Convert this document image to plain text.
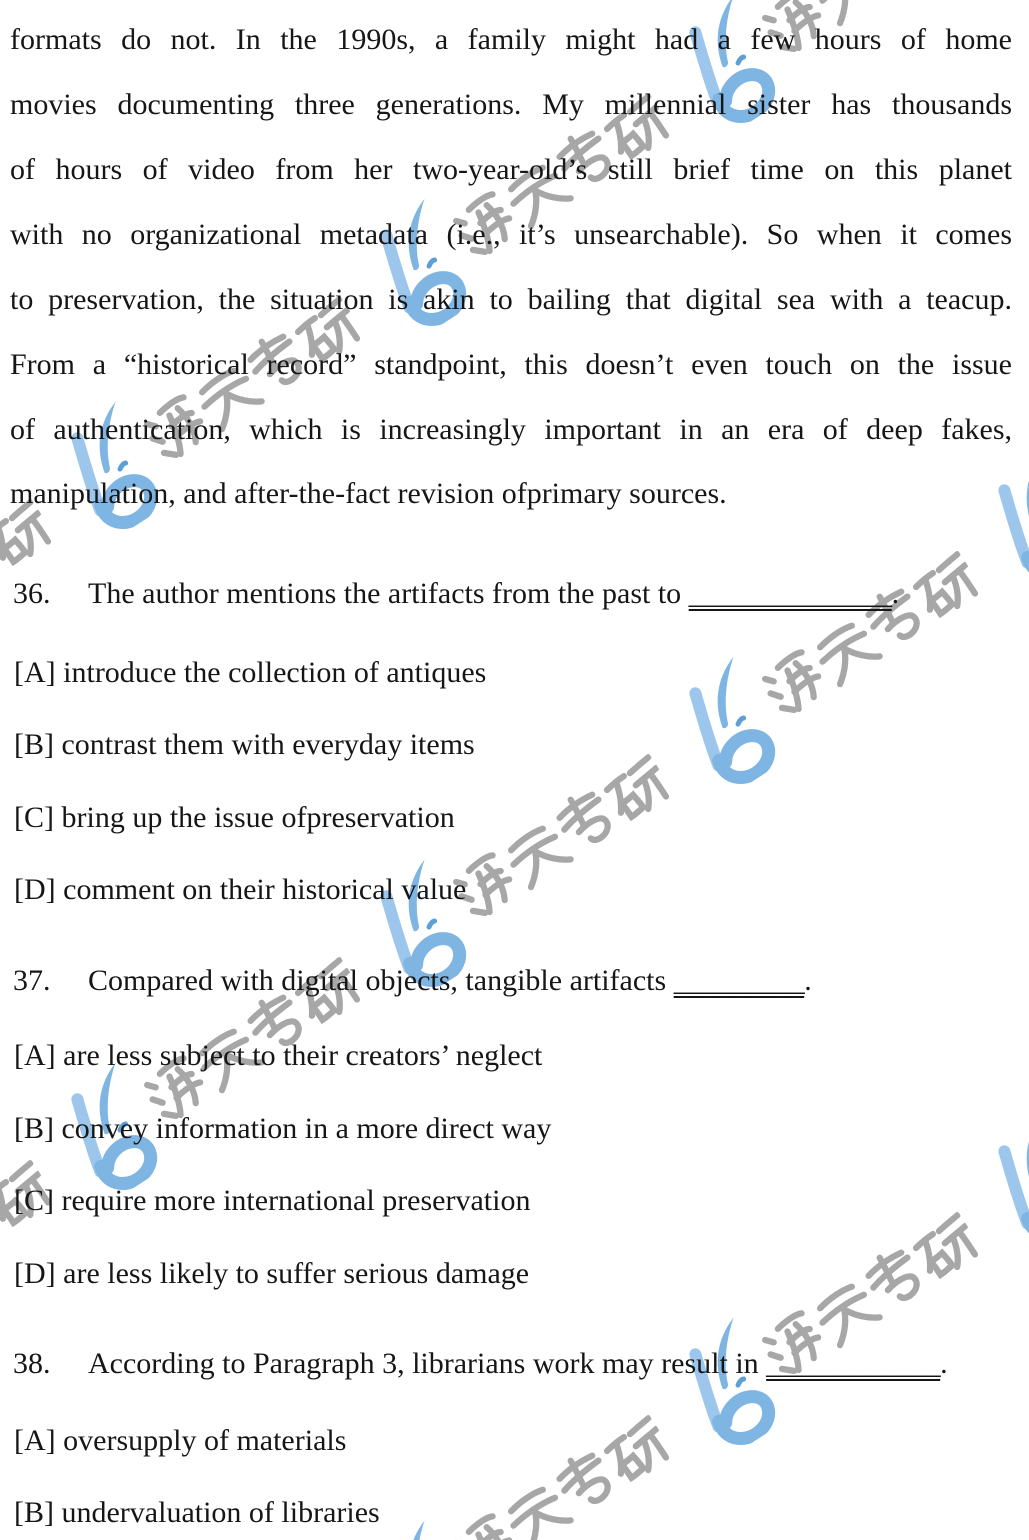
formats do not. In the 1990s, a family might had a few hours of home
movies documenting three generations. My millennial sister has thousands
of hours of video from her two-year-old’s still brief time on this planet
with no organizational metadata (i.e., it’s unsearchable). So when it comes
to preservation, the situation is akin to bailing that digital sea with a teacup.
From a “historical record” standpoint, this doesn’t even touch on the issue
of authentication, which is increasingly important in an era of deep fakes,
manipulation, and after-the-fact revision ofprimary sources.
36. The author mentions the artifacts from the past to ______________.
[A] introduce the collection of antiques
[B] contrast them with everyday items
[C] bring up the issue ofpreservation
[D] comment on their historical value
37. Compared with digital objects, tangible artifacts _________.
[A] are less subject to their creators’ neglect
[B] convey information in a more direct way
[C] require more international preservation
[D] are less likely to suffer serious damage
38. According to Paragraph 3, librarians work may result in ____________.
[A] oversupply of materials
[B] undervaluation of libraries
